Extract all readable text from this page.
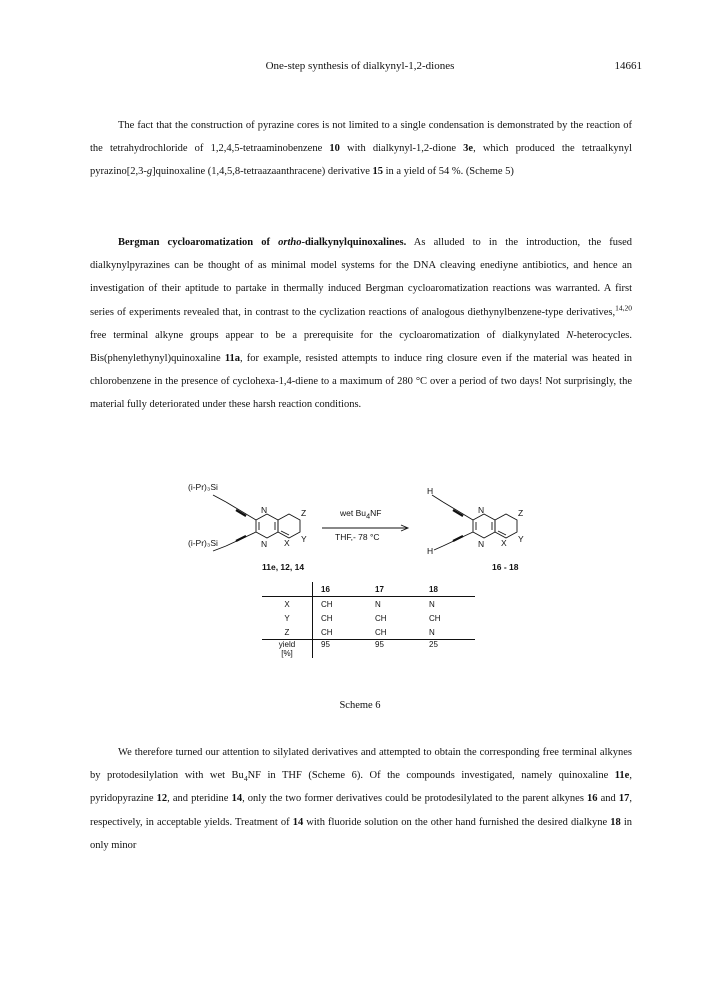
One-step synthesis of dialkynyl-1,2-diones	14661

The fact that the construction of pyrazine cores is not limited to a single condensation is demonstrated by the reaction of the tetrahydrochloride of 1,2,4,5-tetraaminobenzene 10 with dialkynyl-1,2-dione 3e, which produced the tetraalkynyl pyrazino[2,3-g]quinoxaline (1,4,5,8-tetraazaanthracene) derivative 15 in a yield of 54 %. (Scheme 5)

Bergman cycloaromatization of ortho-dialkynylquinoxalines. As alluded to in the introduction, the fused dialkynylpyrazines can be thought of as minimal model systems for the DNA cleaving enediyne antibiotics, and hence an investigation of their aptitude to partake in thermally induced Bergman cycloaromatization reactions was warranted. A first series of experiments revealed that, in contrast to the cyclization reactions of analogous diethynylbenzene-type derivatives,$^{14,20}$ free terminal alkyne groups appear to be a prerequisite for the cycloaromatization of dialkynylated N-heterocycles. Bis(phenylethynyl)quinoxaline 11a, for example, resisted attempts to induce ring closure even if the material was heated in chlorobenzene in the presence of cyclohexa-1,4-diene to a maximum of 280 °C over a period of two days! Not surprisingly, the material fully deteriorated under these harsh reaction conditions.

(i-Pr)₃Si
(i-Pr)₃Si
N
N
Z
Y
X
wet $Bu_4NF$
THF,- 78 °C
H
H
N
N
Z
Y
X
11e, 12, 14	16 - 18
	16	17	18
X	CH	N	N
Y	CH	CH	CH
Z	CH	CH	N
yield
[%]	95	95	25
Scheme 6

We therefore turned our attention to silylated derivatives and attempted to obtain the corresponding free terminal alkynes by protodesilylation with wet $Bu_4NF$ in THF (Scheme 6). Of the compounds investigated, namely quinoxaline 11e, pyridopyrazine 12, and pteridine 14, only the two former derivatives could be protodesilylated to the parent alkynes 16 and 17, respectively, in acceptable yields. Treatment of 14 with fluoride solution on the other hand furnished the desired dialkyne 18 in only minor
